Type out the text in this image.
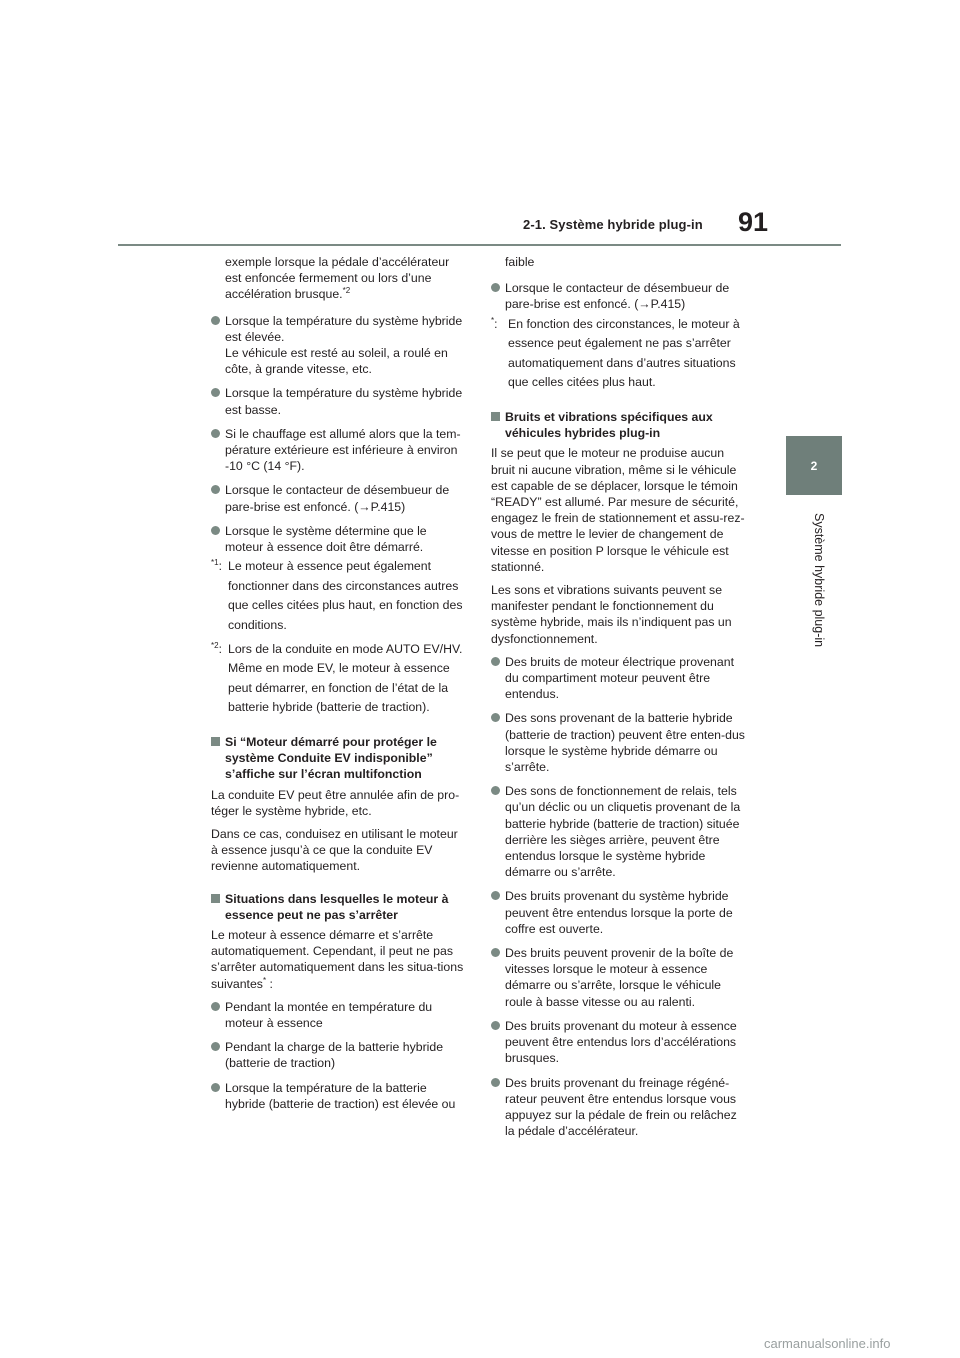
2-1. Système hybride plug-in 91
2
Système hybride plug-in

exemple lorsque la pédale d’accélérateur est enfoncée fermement ou lors d’une accélération brusque.$^{*2}$

Lorsque la température du système hybride est élevée.
Le véhicule est resté au soleil, a roulé en côte, à grande vitesse, etc.
Lorsque la température du système hybride est basse.
Si le chauffage est allumé alors que la tem-pérature extérieure est inférieure à environ -10 °C (14 °F).
Lorsque le contacteur de désembueur de pare-brise est enfoncé. (→P.415)
Lorsque le système détermine que le moteur à essence doit être démarré.
$^{*1}$: Le moteur à essence peut également fonctionner dans des circonstances autres que celles citées plus haut, en fonction des conditions.
$^{*2}$: Lors de la conduite en mode AUTO EV/HV. Même en mode EV, le moteur à essence peut démarrer, en fonction de l’état de la batterie hybride (batterie de traction).
Si “Moteur démarré pour protéger le système Conduite EV indisponible” s’affiche sur l’écran multifonction

La conduite EV peut être annulée afin de pro-téger le système hybride, etc.

Dans ce cas, conduisez en utilisant le moteur à essence jusqu’à ce que la conduite EV revienne automatiquement.

Situations dans lesquelles le moteur à essence peut ne pas s’arrêter

Le moteur à essence démarre et s’arrête automatiquement. Cependant, il peut ne pas s’arrêter automatiquement dans les situa-tions suivantes* :

Pendant la montée en température du moteur à essence
Pendant la charge de la batterie hybride (batterie de traction)
Lorsque la température de la batterie hybride (batterie de traction) est élevée ou

faible

Lorsque le contacteur de désembueur de pare-brise est enfoncé. (→P.415)
*: En fonction des circonstances, le moteur à essence peut également ne pas s’arrêter automatiquement dans d’autres situations que celles citées plus haut.
Bruits et vibrations spécifiques aux véhicules hybrides plug-in

Il se peut que le moteur ne produise aucun bruit ni aucune vibration, même si le véhicule est capable de se déplacer, lorsque le témoin “READY” est allumé. Par mesure de sécurité, engagez le frein de stationnement et assu-rez-vous de mettre le levier de changement de vitesse en position P lorsque le véhicule est stationné.

Les sons et vibrations suivants peuvent se manifester pendant le fonctionnement du système hybride, mais ils n’indiquent pas un dysfonctionnement.

Des bruits de moteur électrique provenant du compartiment moteur peuvent être entendus.
Des sons provenant de la batterie hybride (batterie de traction) peuvent être enten-dus lorsque le système hybride démarre ou s’arrête.
Des sons de fonctionnement de relais, tels qu’un déclic ou un cliquetis provenant de la batterie hybride (batterie de traction) située derrière les sièges arrière, peuvent être entendus lorsque le système hybride démarre ou s’arrête.
Des bruits provenant du système hybride peuvent être entendus lorsque la porte de coffre est ouverte.
Des bruits peuvent provenir de la boîte de vitesses lorsque le moteur à essence démarre ou s’arrête, lorsque le véhicule roule à basse vitesse ou au ralenti.
Des bruits provenant du moteur à essence peuvent être entendus lors d’accélérations brusques.
Des bruits provenant du freinage régéné-rateur peuvent être entendus lorsque vous appuyez sur la pédale de frein ou relâchez la pédale d’accélérateur.
carmanualsonline.info
